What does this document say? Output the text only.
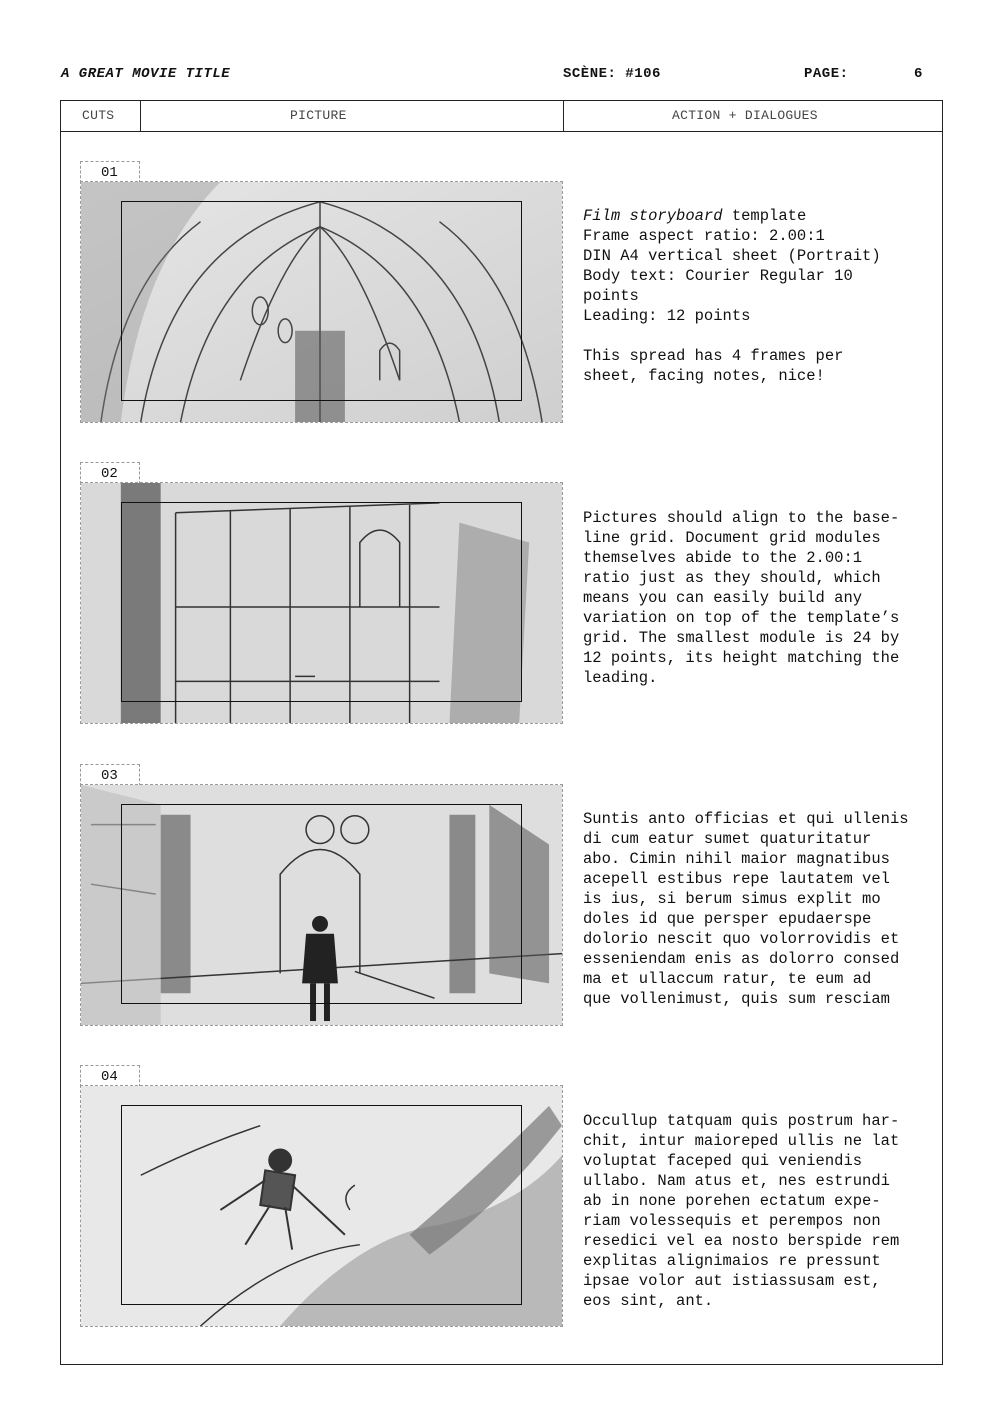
A GREAT MOVIE TITLE	SCÈNE: #106	PAGE:	6
CUTS	PICTURE	ACTION + DIALOGUES
01
Film storyboard template
Frame aspect ratio: 2.00:1
DIN A4 vertical sheet (Portrait)
Body text: Courier Regular 10
points
Leading: 12 points

This spread has 4 frames per
sheet, facing notes, nice!
02
Pictures should align to the base-
line grid. Document grid modules
themselves abide to the 2.00:1
ratio just as they should, which
means you can easily build any
variation on top of the template’s
grid. The smallest module is 24 by
12 points, its height matching the
leading.
03
Suntis anto officias et qui ullenis
di cum eatur sumet quaturitatur
abo. Cimin nihil maior magnatibus
acepell estibus repe lautatem vel
is ius, si berum simus explit mo
doles id que persper epudaerspe
dolorio nescit quo volorrovidis et
esseniendam enis as dolorro consed
ma et ullaccum ratur, te eum ad
que vollenimust, quis sum resciam
04
Occullup tatquam quis postrum har-
chit, intur maioreped ullis ne lat
voluptat faceped qui veniendis
ullabo. Nam atus et, nes estrundi
ab in none porehen ectatum expe-
riam volessequis et perempos non
resedici vel ea nosto berspide rem
explitas alignimaios re pressunt
ipsae volor aut istiassusam est,
eos sint, ant.
